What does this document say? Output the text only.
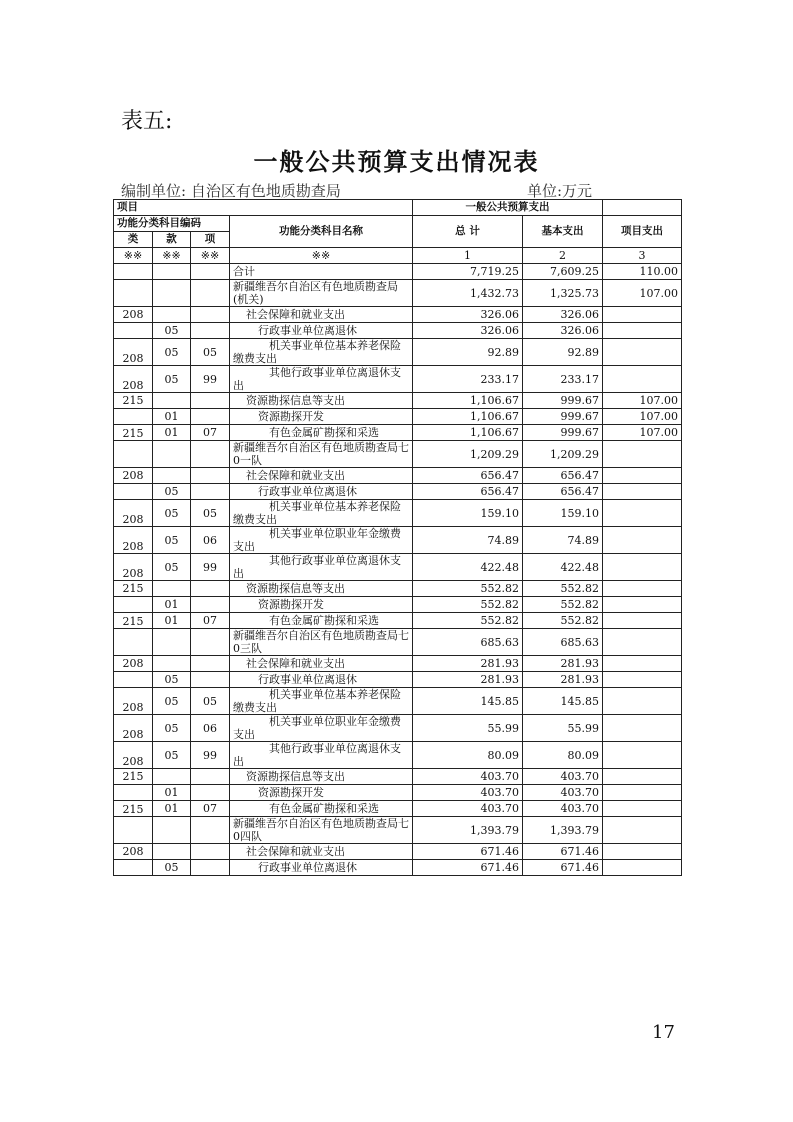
表五:
一般公共预算支出情况表
编制单位: 自治区有色地质勘查局	单位:万元
项目				一般公共预算支出		
功能分类科目编码			功能分类科目名称	总 计	基本支出	项目支出
类	款	项				
※※	※※	※※	※※	1	2	3
			合计	7,719.25	7,609.25	110.00
			新疆维吾尔自治区有色地质勘查局(机关)	1,432.73	1,325.73	107.00
208			社会保障和就业支出	326.06	326.06	
	05		行政事业单位离退休	326.06	326.06	
208	05	05	机关事业单位基本养老保险缴费支出	92.89	92.89	
208	05	99	其他行政事业单位离退休支出	233.17	233.17	
215			资源勘探信息等支出	1,106.67	999.67	107.00
	01		资源勘探开发	1,106.67	999.67	107.00
215	01	07	有色金属矿勘探和采选	1,106.67	999.67	107.00
			新疆维吾尔自治区有色地质勘查局七0一队	1,209.29	1,209.29	
208			社会保障和就业支出	656.47	656.47	
	05		行政事业单位离退休	656.47	656.47	
208	05	05	机关事业单位基本养老保险缴费支出	159.10	159.10	
208	05	06	机关事业单位职业年金缴费支出	74.89	74.89	
208	05	99	其他行政事业单位离退休支出	422.48	422.48	
215			资源勘探信息等支出	552.82	552.82	
	01		资源勘探开发	552.82	552.82	
215	01	07	有色金属矿勘探和采选	552.82	552.82	
			新疆维吾尔自治区有色地质勘查局七0三队	685.63	685.63	
208			社会保障和就业支出	281.93	281.93	
	05		行政事业单位离退休	281.93	281.93	
208	05	05	机关事业单位基本养老保险缴费支出	145.85	145.85	
208	05	06	机关事业单位职业年金缴费支出	55.99	55.99	
208	05	99	其他行政事业单位离退休支出	80.09	80.09	
215			资源勘探信息等支出	403.70	403.70	
	01		资源勘探开发	403.70	403.70	
215	01	07	有色金属矿勘探和采选	403.70	403.70	
			新疆维吾尔自治区有色地质勘查局七0四队	1,393.79	1,393.79	
208			社会保障和就业支出	671.46	671.46	
	05		行政事业单位离退休	671.46	671.46	
17
